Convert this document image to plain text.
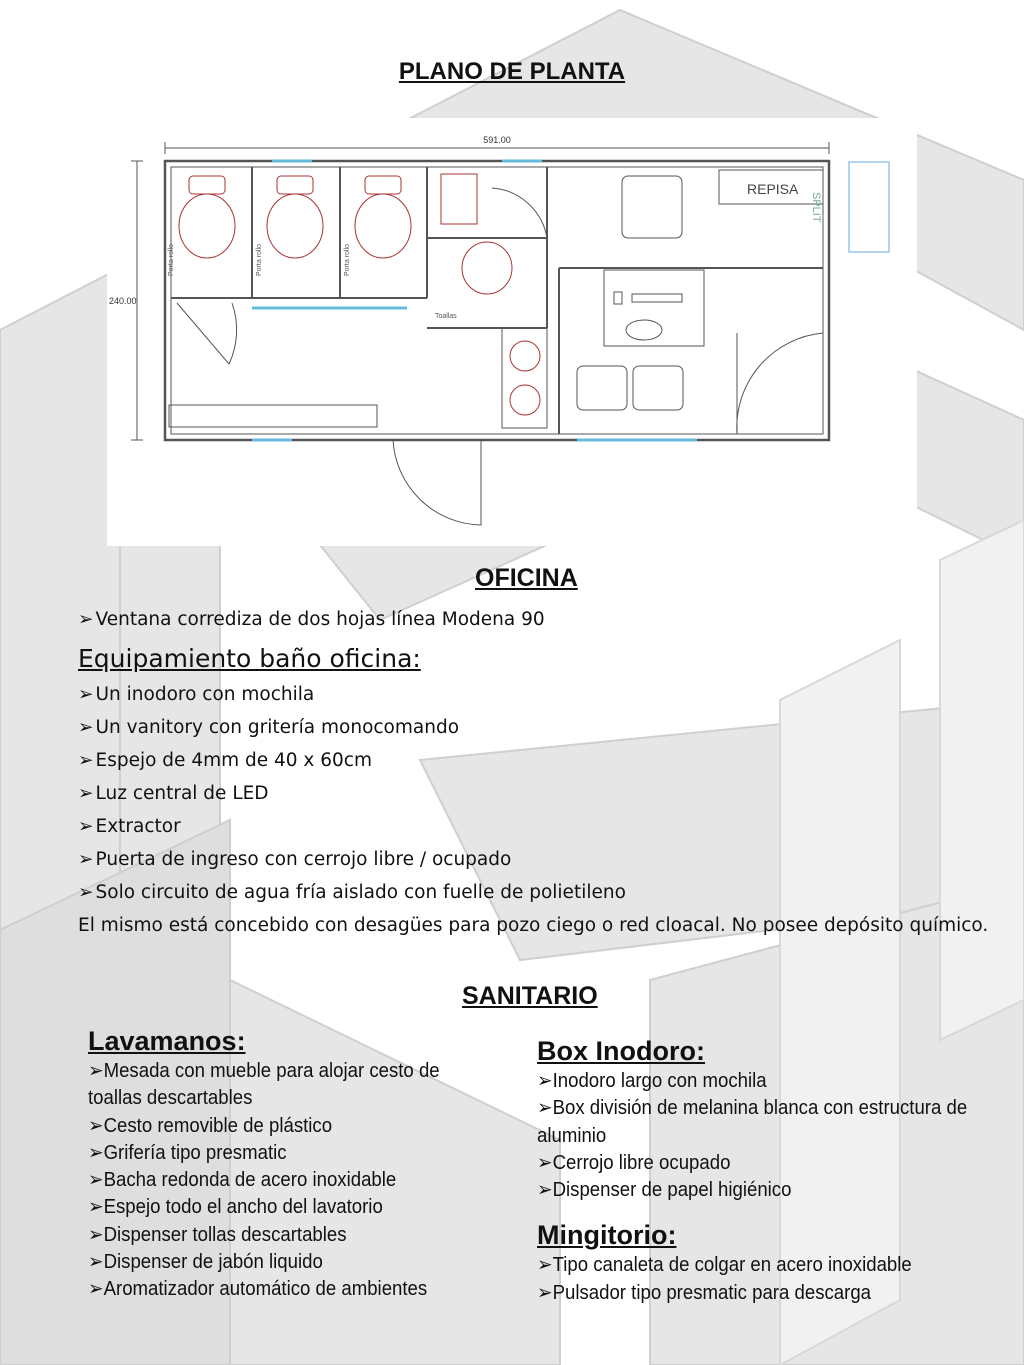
PLANO DE PLANTA
591.00
240.00
REPISA
SPLIT
Porta rollo	Porta rollo	Porta rollo
Toallas
OFICINA
➢ Ventana corrediza de dos hojas línea Modena 90
Equipamiento baño oficina:
➢ Un inodoro con mochila
➢ Un vanitory con gritería monocomando
➢ Espejo de 4mm de 40 x 60cm
➢ Luz central de LED
➢ Extractor
➢ Puerta de ingreso con cerrojo libre / ocupado
➢ Solo circuito de agua fría aislado con fuelle de polietileno

El mismo está concebido con desagües para pozo ciego o red cloacal. No posee depósito químico.

SANITARIO
Lavamanos:
➢ Mesada con mueble para alojar cesto de toallas descartables
➢ Cesto removible de plástico
➢ Grifería tipo presmatic
➢ Bacha redonda de acero inoxidable
➢ Espejo todo el ancho del lavatorio
➢ Dispenser tollas descartables
➢ Dispenser de jabón liquido
➢ Aromatizador automático de ambientes
Box Inodoro:
➢ Inodoro largo con mochila
➢ Box división de melanina blanca con estructura de aluminio
➢ Cerrojo libre ocupado
➢ Dispenser de papel higiénico
Mingitorio:
➢ Tipo canaleta de colgar en acero inoxidable
➢ Pulsador tipo presmatic para descarga
